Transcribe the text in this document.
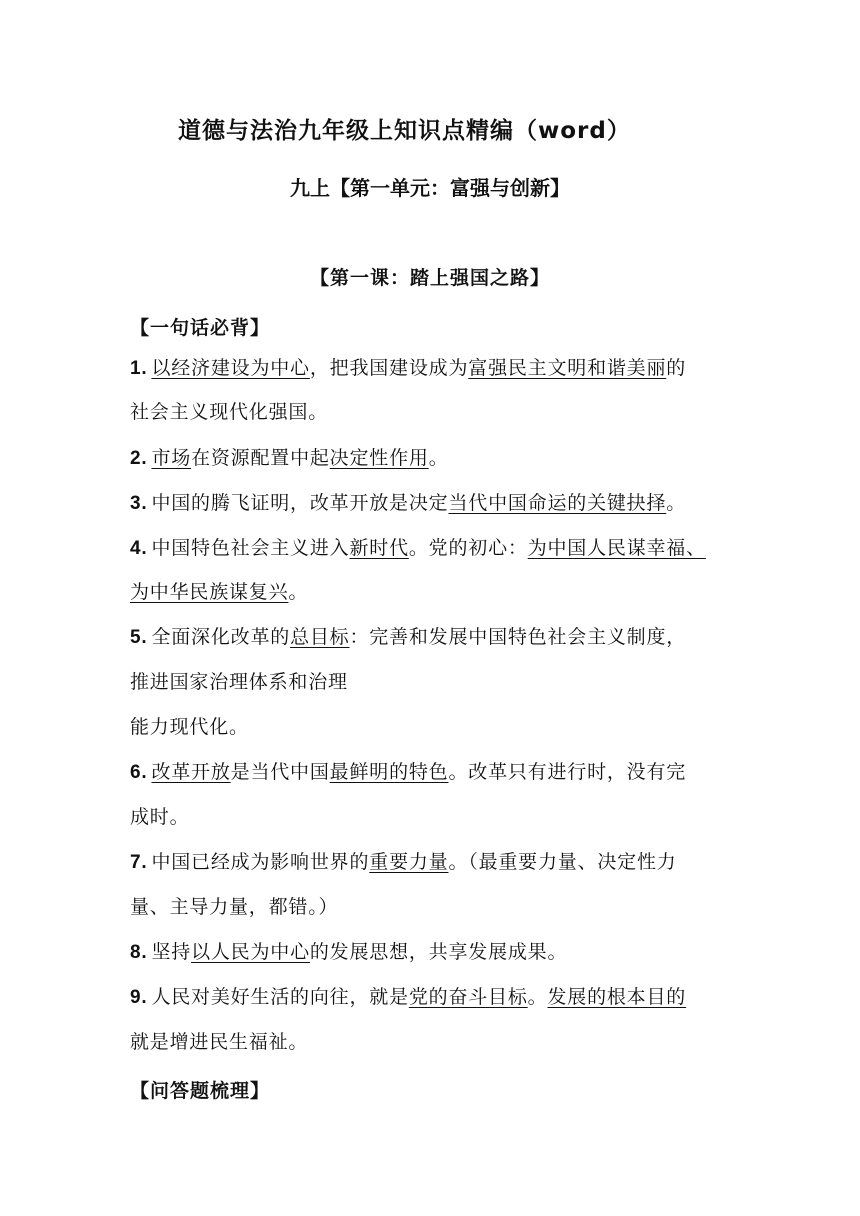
道德与法治九年级上知识点精编（word）
九上【第一单元：富强与创新】
【第一课：踏上强国之路】
【一句话必背】
1. 以经济建设为中心，把我国建设成为富强民主文明和谐美丽的
社会主义现代化强国。
2. 市场在资源配置中起决定性作用。
3. 中国的腾飞证明，改革开放是决定当代中国命运的关键抉择。
4. 中国特色社会主义进入新时代。党的初心：为中国人民谋幸福、
为中华民族谋复兴。
5. 全面深化改革的总目标：完善和发展中国特色社会主义制度，
推进国家治理体系和治理
能力现代化。
6. 改革开放是当代中国最鲜明的特色。改革只有进行时，没有完
成时。
7. 中国已经成为影响世界的重要力量。（最重要力量、决定性力
量、主导力量，都错。）
8. 坚持以人民为中心的发展思想，共享发展成果。
9. 人民对美好生活的向往，就是党的奋斗目标。发展的根本目的
就是增进民生福祉。
【问答题梳理】
